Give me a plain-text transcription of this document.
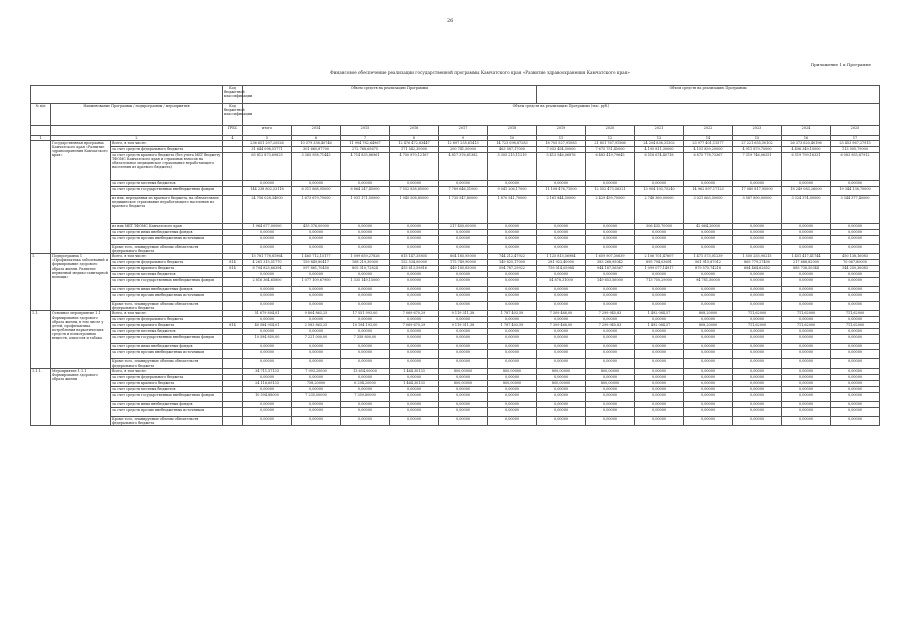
26
Приложение 1 к Программе
Финансовое обеспечение реализации государственной программы Камчатского края «Развитие здравоохранения Камчатского края»
			Код бюджетной классификации	Объем средств на реализацию Программы						Объем средств на реализацию Программы						
№ п/п	Наименование Программы / подпрограммы / мероприятия		Код бюджетной классификации	Объем средств на реализацию Программы (тыс. руб.)												
			ГРБС	итого	2014	2015	2016	2017	2018	2019	2020	2021	2022	2023	2024	2025
1	2		4	5	6	7	8	9	10	11	12	13	14	15	16	17
	Государственная программа Камчатского края «Развитие здравоохранения Камчатского края»	Всего, в том числе:		236 651 297,20526	10 379 358,40746	11 994 782,64967	12 476 472,83447	12 897 255,61413	14 723 098,87283	18 705 527,91083	21 851 767,91566	24 204 836,31302	23 977 401,11577	27 221 655,50102	26 373 620,40196	25 453 967,27915
		за счет средств федерального бюджета		31 644 098,51771	301 660,87700	272 768,65675	171 542,30000	200 741,50000	463 587,17000	7 053 454,50000	7 675 751,45000	4 195 811,30000	4 151 859,20000	4 911 879,70000	4 496 349,10000	113 005,79000
		за счет средств краевого бюджета (без учета МБТ бюджету ТФОМС Камчатского края и страховых взносов на обязательное медицинское страхование неработающего населения из краевого бюджета)		65 812 873,69825	3 365 958,71443	4 714 835,86961	4 750 870,12167	4 817 376,61382	5 305 215,11219	5 413 546,06876	6 483 419,79645	6 518 674,40718	6 875 778,73367	7 319 746,06351	6 519 799,16331	6 083 955,87912
		за счет средств местных бюджетов		0,00000	0,00000	0,00000	0,00000	0,00000	0,00000	0,00000	0,00000	0,00000	0,00000	0,00000	0,00000	0,00000
		за счет средств государственных внебюджетных фондов		144 238 802,53118	6 311 668,95000	6 864 247,45000	7 552 838,85000	7 769 646,51000	9 041 206,17000	11 108 476,71000	12 552 473,56321	13 904 193,75240	14 962 897,17123	17 080 817,95000	18 249 083,26000	19 344 138,70000
		из них, переданных из краевого бюджета, на обязательное медицинское страхование неработающего населения из краевого бюджета		24 756 028,34000	1 673 679,70000	1 931 171,50000	1 945 508,80000	1 735 547,80000	1 870 541,70000	2 161 844,50000	2 429 459,70000	2 748 369,00000	3 021 663,50000	3 587 890,00000	3 324 374,00000	3 344 377,40000
		из них МБТ ТФОМС Камчатского края		1 964 677,00000	455 376,00000	0,00000	0,00000	217 400,00000	0,00000	0,00000	0,00000	306 435,70000	42 664,20000	0,00000	0,00000	0,00000
		за счет средств иных внебюджетных фондов		0,00000	0,00000	0,00000	0,00000	0,00000	0,00000	0,00000	0,00000	0,00000	0,00000	0,00000	0,00000	0,00000
		за счет средств прочих внебюджетных источников		0,00000	0,00000	0,00000	0,00000	0,00000	0,00000	0,00000	0,00000	0,00000	0,00000	0,00000	0,00000	0,00000
		Кроме того, планируемые объемы обязательств федерального бюджета		0,00000	0,00000	0,00000	0,00000	0,00000	0,00000	0,00000	0,00000	0,00000	0,00000	0,00000	0,00000	0,00000
1.	Подпрограмма 1 «Профилактика заболеваний и формирование здорового образа жизни. Развитие первичной медико-санитарной помощи»	Всего, в том числе:		15 781 778,81964	1 465 712,15177	1 099 659,27826	815 147,35805	804 185,95000	744 212,47922	1 125 813,56984	1 659 907,30639	2 106 701,47607	1 471 573,01239	1 550 255,90215	1 451 417,41744	450 138,16083
		за счет средств федерального бюджета	814	4 261 315,51770	159 849,80417	168 219,30000	152 534,00000	175 749,90000	149 825,17000	281 923,40000	383 268,95042	895 794,03691	561 915,87012	865 779,27400	217 688,82000	70 067,80000
		за счет средств краевого бюджета	814	8 704 825,66394	597 861,70450	805 310,72824	455 613,59816	449 185,85000	594 787,29922	759 014,05984	944 187,56567	1 099 077,14917	879 575,74218	684 464,62652	885 738,50344	344 250,36083
		за счет средств местных бюджетов		0,00000	0,00000	0,00000	0,00000	0,00000	0,00000	0,00000	0,00000	0,00000	0,00000	0,00000	0,00000	0,00000
		за счет средств государственных внебюджетных фондов		2 816 364,65800	1 077 109,67900	1 335 149,15000	0,00000	0,00000	0,00000	54 878,31000	149 653,56000	713 750,29000	94 781,50000	0,00000	0,00000	0,00000
		за счет средств иных внебюджетных фондов		0,00000	0,00000	0,00000	0,00000	0,00000	0,00000	0,00000	0,00000	0,00000	0,00000	0,00000	0,00000	0,00000
		за счет средств прочих внебюджетных источников		0,00000	0,00000	0,00000	0,00000	0,00000	0,00000	0,00000	0,00000	0,00000	0,00000	0,00000	0,00000	0,00000
		Кроме того, планируемые объемы обязательств федерального бюджета		0,00000	0,00000	0,00000	0,00000	0,00000	0,00000	0,00000	0,00000	0,00000	0,00000	0,00000	0,00000	0,00000
1.1.	Основное мероприятие 1.1 Формирование здорового образа жизни, в том числе у детей, профилактика потребления наркотических средств и психотропных веществ, алкоголя и табака	Всего, в том числе:		51 679 804,01	9 804 863,25	17 551 993,00	7 069 670,29	9 119 311,38	1 787 403,59	7 309 468,00	7 299 945,83	1 492 084,57	808,20000	711,62000	711,62000	711,62000
		за счет средств федерального бюджета		0,00000	0,00000	0,00000	0,00000	0,00000	0,00000	0,00000	0,00000	0,00000	0,00000	0,00000	0,00000	0,00000
		за счет средств краевого бюджета	814	40 584 954,01	2 583 863,25	10 194 193,00	7 069 670,29	9 119 311,38	1 787 403,59	7 309 468,00	7 299 945,83	1 492 084,57	808,20000	711,62000	711,62000	711,62000
		за счет средств местных бюджетов		0,00000	0,00000	0,00000	0,00000	0,00000	0,00000	0,00000	0,00000	0,00000	0,00000	0,00000	0,00000	0,00000
		за счет средств государственных внебюджетных фондов		10 594 850,00	7 221 000,00	7 358 800,00	0,00000	0,00000	0,00000	0,00000	0,00000	0,00000	0,00000	0,00000	0,00000	0,00000
		за счет средств иных внебюджетных фондов		0,00000	0,00000	0,00000	0,00000	0,00000	0,00000	0,00000	0,00000	0,00000	0,00000	0,00000	0,00000	0,00000
		за счет средств прочих внебюджетных источников		0,00000	0,00000	0,00000	0,00000	0,00000	0,00000	0,00000	0,00000	0,00000	0,00000	0,00000	0,00000	0,00000
		Кроме того, планируемые объемы обязательств федерального бюджета		0,00000	0,00000	0,00000	0,00000	0,00000	0,00000	0,00000	0,00000	0,00000	0,00000	0,00000	0,00000	0,00000
1.1.1.	Мероприятие 1.1.1 Формирование здорового образа жизни	Всего, в том числе:		34 711,57133	7 993,20000	13 654,00000	1 464,30133	800,00000	800,00000	800,00000	800,00000	0,00000	0,00000	0,00000	0,00000	0,00000
		за счет средств федерального бюджета		0,00000	0,00000	0,00000	0,00000	0,00000	0,00000	0,00000	0,00000	0,00000	0,00000	0,00000	0,00000	0,00000
		за счет средств краевого бюджета		24 116,69133	758,20000	6 294,20000	1 464,30133	800,00000	800,00000	800,00000	800,00000	0,00000	0,00000	0,00000	0,00000	0,00000
		за счет средств местных бюджетов		0,00000	0,00000	0,00000	0,00000	0,00000	0,00000	0,00000	0,00000	0,00000	0,00000	0,00000	0,00000	0,00000
		за счет средств государственных внебюджетных фондов		10 594,88000	7 235,00000	7 359,80000	0,00000	0,00000	0,00000	0,00000	0,00000	0,00000	0,00000	0,00000	0,00000	0,00000
		за счет средств иных внебюджетных фондов		0,00000	0,00000	0,00000	0,00000	0,00000	0,00000	0,00000	0,00000	0,00000	0,00000	0,00000	0,00000	0,00000
		за счет средств прочих внебюджетных источников		0,00000	0,00000	0,00000	0,00000	0,00000	0,00000	0,00000	0,00000	0,00000	0,00000	0,00000	0,00000	0,00000
		Кроме того, планируемые объемы обязательств федерального бюджета		0,00000	0,00000	0,00000	0,00000	0,00000	0,00000	0,00000	0,00000	0,00000	0,00000	0,00000	0,00000	0,00000
